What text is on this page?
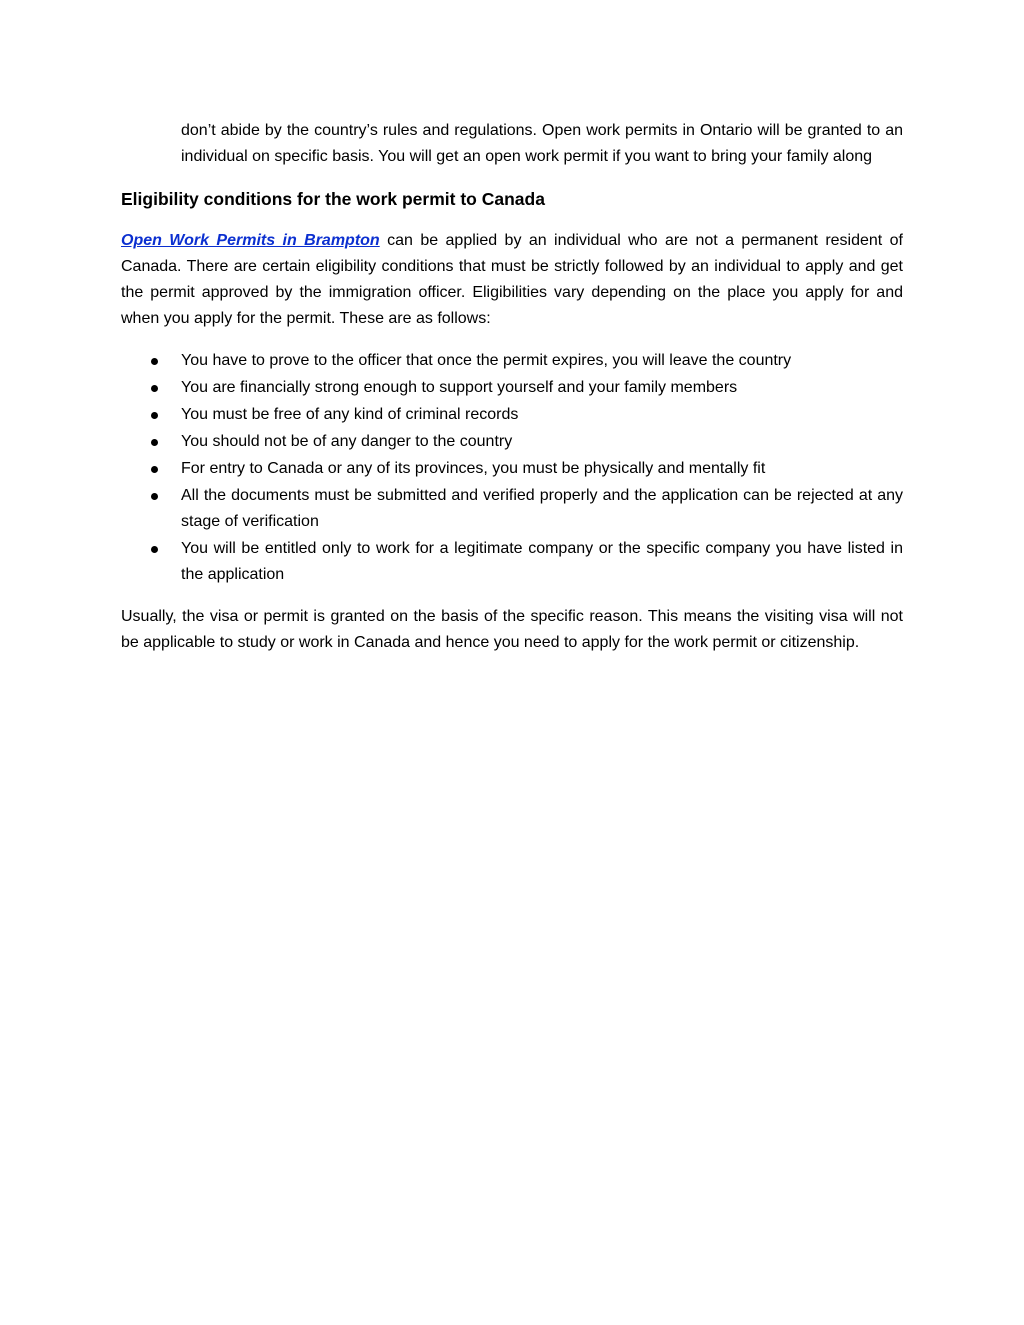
don’t abide by the country’s rules and regulations. Open work permits in Ontario will be granted to an individual on specific basis. You will get an open work permit if you want to bring your family along

Eligibility conditions for the work permit to Canada

Open Work Permits in Brampton can be applied by an individual who are not a permanent resident of Canada. There are certain eligibility conditions that must be strictly followed by an individual to apply and get the permit approved by the immigration officer. Eligibilities vary depending on the place you apply for and when you apply for the permit. These are as follows:

You have to prove to the officer that once the permit expires, you will leave the country
You are financially strong enough to support yourself and your family members
You must be free of any kind of criminal records
You should not be of any danger to the country
For entry to Canada or any of its provinces, you must be physically and mentally fit
All the documents must be submitted and verified properly and the application can be rejected at any stage of verification
You will be entitled only to work for a legitimate company or the specific company you have listed in the application

Usually, the visa or permit is granted on the basis of the specific reason. This means the visiting visa will not be applicable to study or work in Canada and hence you need to apply for the work permit or citizenship.
